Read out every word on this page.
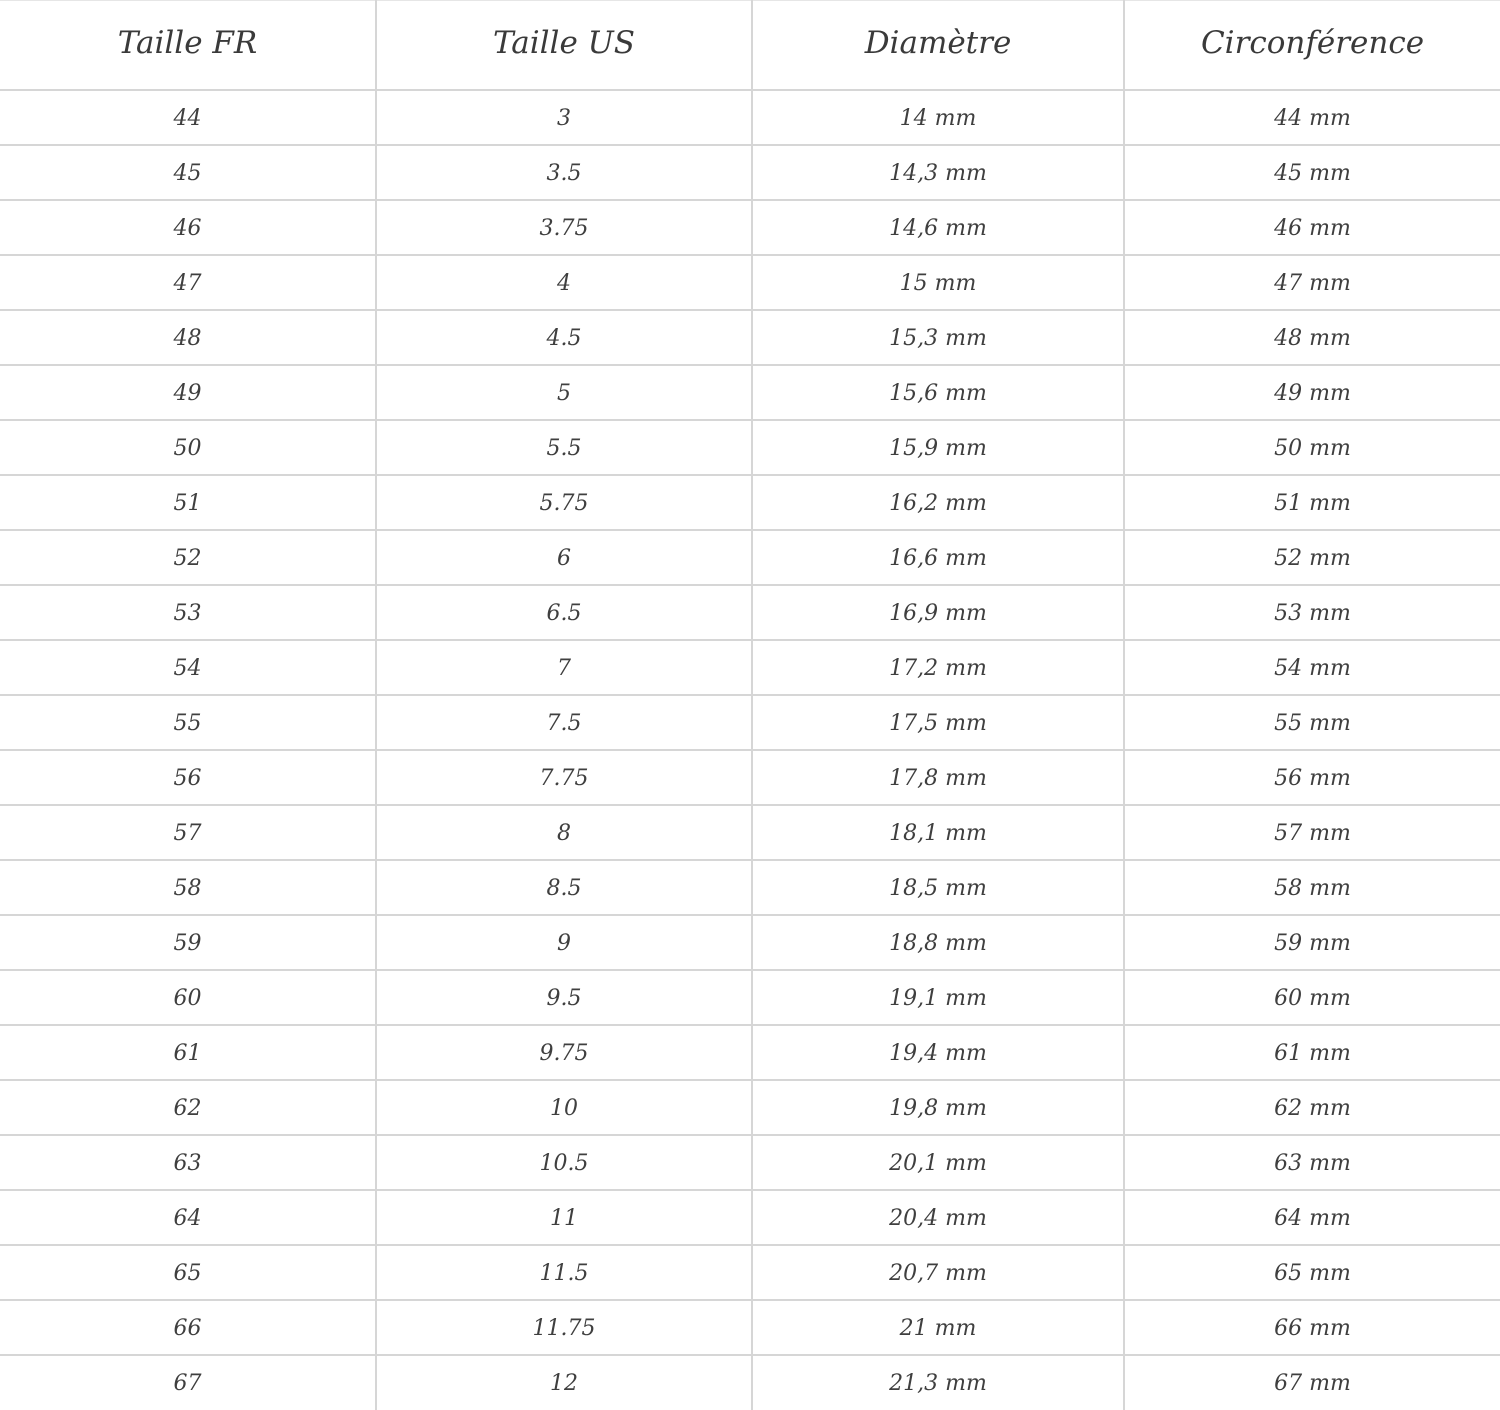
Taille FR	Taille US	Diamètre	Circonférence
44	3	14 mm	44 mm
45	3.5	14,3 mm	45 mm
46	3.75	14,6 mm	46 mm
47	4	15 mm	47 mm
48	4.5	15,3 mm	48 mm
49	5	15,6 mm	49 mm
50	5.5	15,9 mm	50 mm
51	5.75	16,2 mm	51 mm
52	6	16,6 mm	52 mm
53	6.5	16,9 mm	53 mm
54	7	17,2 mm	54 mm
55	7.5	17,5 mm	55 mm
56	7.75	17,8 mm	56 mm
57	8	18,1 mm	57 mm
58	8.5	18,5 mm	58 mm
59	9	18,8 mm	59 mm
60	9.5	19,1 mm	60 mm
61	9.75	19,4 mm	61 mm
62	10	19,8 mm	62 mm
63	10.5	20,1 mm	63 mm
64	11	20,4 mm	64 mm
65	11.5	20,7 mm	65 mm
66	11.75	21 mm	66 mm
67	12	21,3 mm	67 mm
